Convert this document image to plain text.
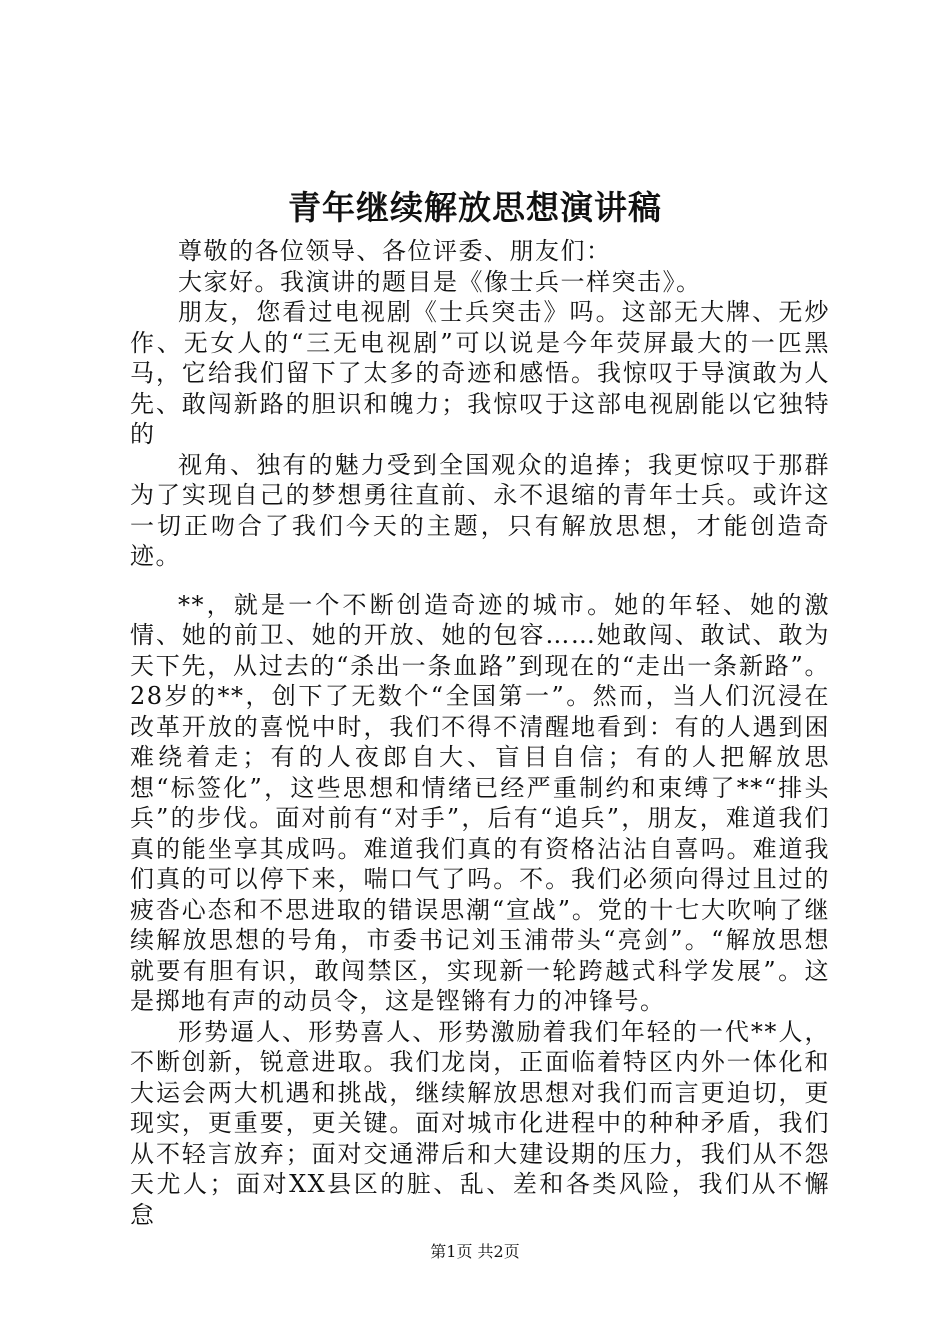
青年继续解放思想演讲稿

尊敬的各位领导、各位评委、朋友们：

大家好。我演讲的题目是《像士兵一样突击》。

朋友，您看过电视剧《士兵突击》吗。这部无大牌、无炒作、无女人的“三无电视剧”可以说是今年荧屏最大的一匹黑马，它给我们留下了太多的奇迹和感悟。我惊叹于导演敢为人先、敢闯新路的胆识和魄力；我惊叹于这部电视剧能以它独特的

视角、独有的魅力受到全国观众的追捧；我更惊叹于那群为了实现自己的梦想勇往直前、永不退缩的青年士兵。或许这一切正吻合了我们今天的主题，只有解放思想，才能创造奇迹。

**，就是一个不断创造奇迹的城市。她的年轻、她的激情、她的前卫、她的开放、她的包容……她敢闯、敢试、敢为天下先，从过去的“杀出一条血路”到现在的“走出一条新路”。28岁的**，创下了无数个“全国第一”。然而，当人们沉浸在改革开放的喜悦中时，我们不得不清醒地看到：有的人遇到困难绕着走；有的人夜郎自大、盲目自信；有的人把解放思想“标签化”，这些思想和情绪已经严重制约和束缚了**“排头兵”的步伐。面对前有“对手”，后有“追兵”，朋友，难道我们真的能坐享其成吗。难道我们真的有资格沾沾自喜吗。难道我们真的可以停下来，喘口气了吗。不。我们必须向得过且过的疲沓心态和不思进取的错误思潮“宣战”。党的十七大吹响了继续解放思想的号角，市委书记刘玉浦带头“亮剑”。“解放思想就要有胆有识，敢闯禁区，实现新一轮跨越式科学发展”。这是掷地有声的动员令，这是铿锵有力的冲锋号。

形势逼人、形势喜人、形势激励着我们年轻的一代**人，不断创新，锐意进取。我们龙岗，正面临着特区内外一体化和大运会两大机遇和挑战，继续解放思想对我们而言更迫切，更现实，更重要，更关键。面对城市化进程中的种种矛盾，我们从不轻言放弃；面对交通滞后和大建设期的压力，我们从不怨天尤人；面对XX县区的脏、乱、差和各类风险，我们从不懈怠

第1页 共2页
